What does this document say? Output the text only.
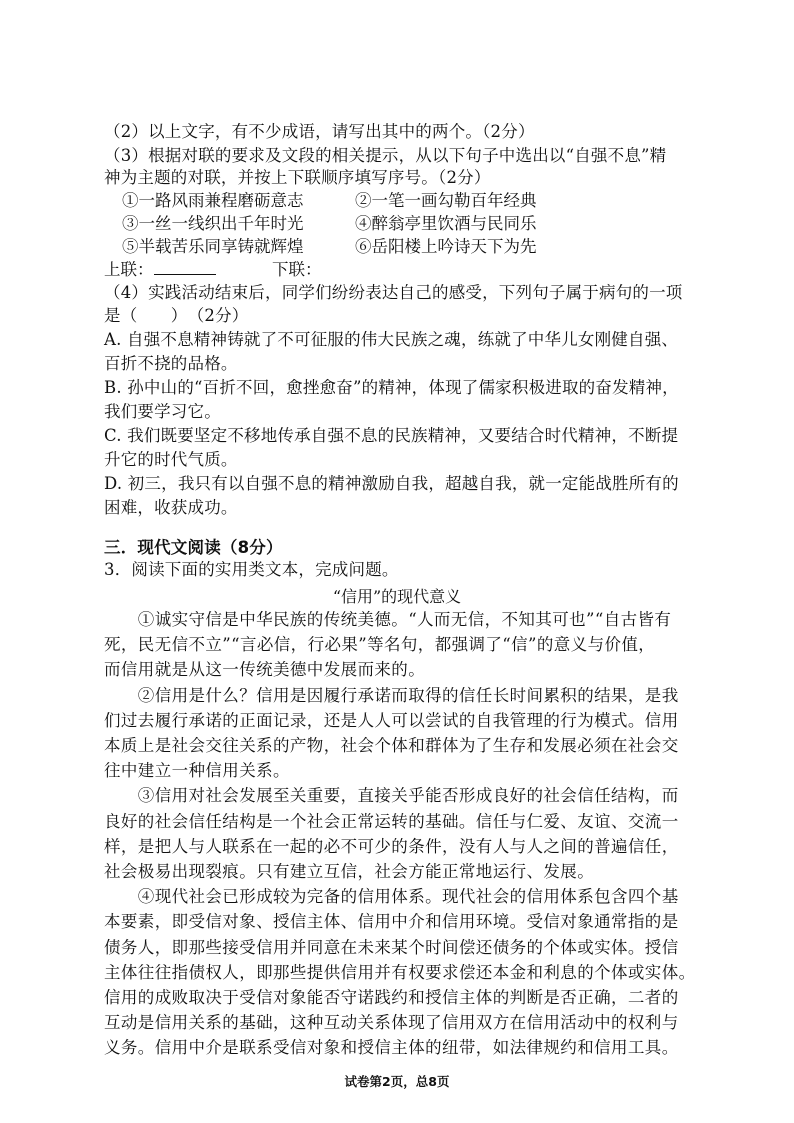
（2）以上文字，有不少成语，请写出其中的两个。（2分）
（3）根据对联的要求及文段的相关提示，从以下句子中选出以“自强不息”精
神为主题的对联，并按上下联顺序填写序号。（2分）
①一路风雨兼程磨砺意志	②一笔一画勾勒百年经典
③一丝一线织出千年时光	④醉翁亭里饮酒与民同乐
⑤半载苦乐同享铸就辉煌	⑥岳阳楼上吟诗天下为先
上联：	下联：
（4）实践活动结束后，同学们纷纷表达自己的感受，下列句子属于病句的一项
是（　　）　（2分）
A. 自强不息精神铸就了不可征服的伟大民族之魂，练就了中华儿女刚健自强、
百折不挠的品格。
B. 孙中山的“百折不回，愈挫愈奋”的精神，体现了儒家积极进取的奋发精神，
我们要学习它。
C. 我们既要坚定不移地传承自强不息的民族精神，又要结合时代精神，不断提
升它的时代气质。
D. 初三，我只有以自强不息的精神激励自我，超越自我，就一定能战胜所有的
困难，收获成功。
三．现代文阅读（8分）
3．阅读下面的实用类文本，完成问题。
“信用”的现代意义
　　①诚实守信是中华民族的传统美德。“人而无信，不知其可也”“自古皆有
死，民无信不立”“言必信，行必果”等名句，都强调了“信”的意义与价值，
而信用就是从这一传统美德中发展而来的。
　　②信用是什么？信用是因履行承诺而取得的信任长时间累积的结果，是我
们过去履行承诺的正面记录，还是人人可以尝试的自我管理的行为模式。信用
本质上是社会交往关系的产物，社会个体和群体为了生存和发展必须在社会交
往中建立一种信用关系。
　　③信用对社会发展至关重要，直接关乎能否形成良好的社会信任结构，而
良好的社会信任结构是一个社会正常运转的基础。信任与仁爱、友谊、交流一
样，是把人与人联系在一起的必不可少的条件，没有人与人之间的普遍信任，
社会极易出现裂痕。只有建立互信，社会方能正常地运行、发展。
　　④现代社会已形成较为完备的信用体系。现代社会的信用体系包含四个基
本要素，即受信对象、授信主体、信用中介和信用环境。受信对象通常指的是
债务人，即那些接受信用并同意在未来某个时间偿还债务的个体或实体。授信
主体往往指债权人，即那些提供信用并有权要求偿还本金和利息的个体或实体。
信用的成败取决于受信对象能否守诺践约和授信主体的判断是否正确，二者的
互动是信用关系的基础，这种互动关系体现了信用双方在信用活动中的权利与
义务。信用中介是联系受信对象和授信主体的纽带，如法律规约和信用工具。
试卷第2页，总8页
